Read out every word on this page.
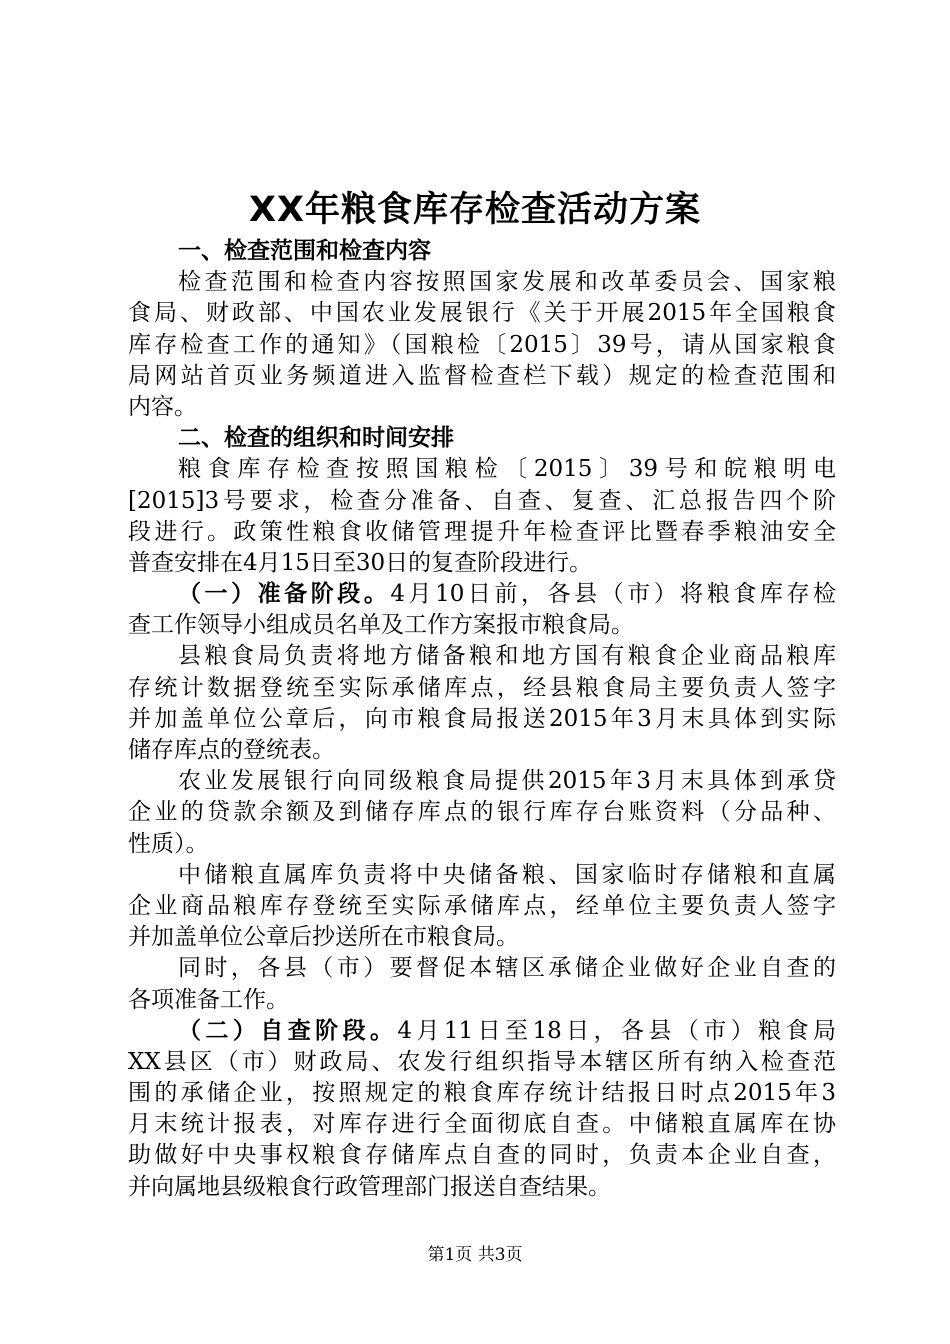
XX年粮食库存检查活动方案
一、检查范围和检查内容
检查范围和检查内容按照国家发展和改革委员会、国家粮
食局、财政部、中国农业发展银行《关于开展2015年全国粮食
库存检查工作的通知》（国粮检〔2015〕39号，请从国家粮食
局网站首页业务频道进入监督检查栏下载）规定的检查范围和
内容。
二、检查的组织和时间安排
粮食库存检查按照国粮检〔2015〕39号和皖粮明电
[2015]3号要求，检查分准备、自查、复查、汇总报告四个阶
段进行。政策性粮食收储管理提升年检查评比暨春季粮油安全
普查安排在4月15日至30日的复查阶段进行。
（一）准备阶段。4月10日前，各县（市）将粮食库存检
查工作领导小组成员名单及工作方案报市粮食局。
县粮食局负责将地方储备粮和地方国有粮食企业商品粮库
存统计数据登统至实际承储库点，经县粮食局主要负责人签字
并加盖单位公章后，向市粮食局报送2015年3月末具体到实际
储存库点的登统表。
农业发展银行向同级粮食局提供2015年3月末具体到承贷
企业的贷款余额及到储存库点的银行库存台账资料（分品种、
性质）。
中储粮直属库负责将中央储备粮、国家临时存储粮和直属
企业商品粮库存登统至实际承储库点，经单位主要负责人签字
并加盖单位公章后抄送所在市粮食局。
同时，各县（市）要督促本辖区承储企业做好企业自查的
各项准备工作。
（二）自查阶段。4月11日至18日，各县（市）粮食局
XX县区（市）财政局、农发行组织指导本辖区所有纳入检查范
围的承储企业，按照规定的粮食库存统计结报日时点2015年3
月末统计报表，对库存进行全面彻底自查。中储粮直属库在协
助做好中央事权粮食存储库点自查的同时，负责本企业自查，
并向属地县级粮食行政管理部门报送自查结果。
第1页 共3页
